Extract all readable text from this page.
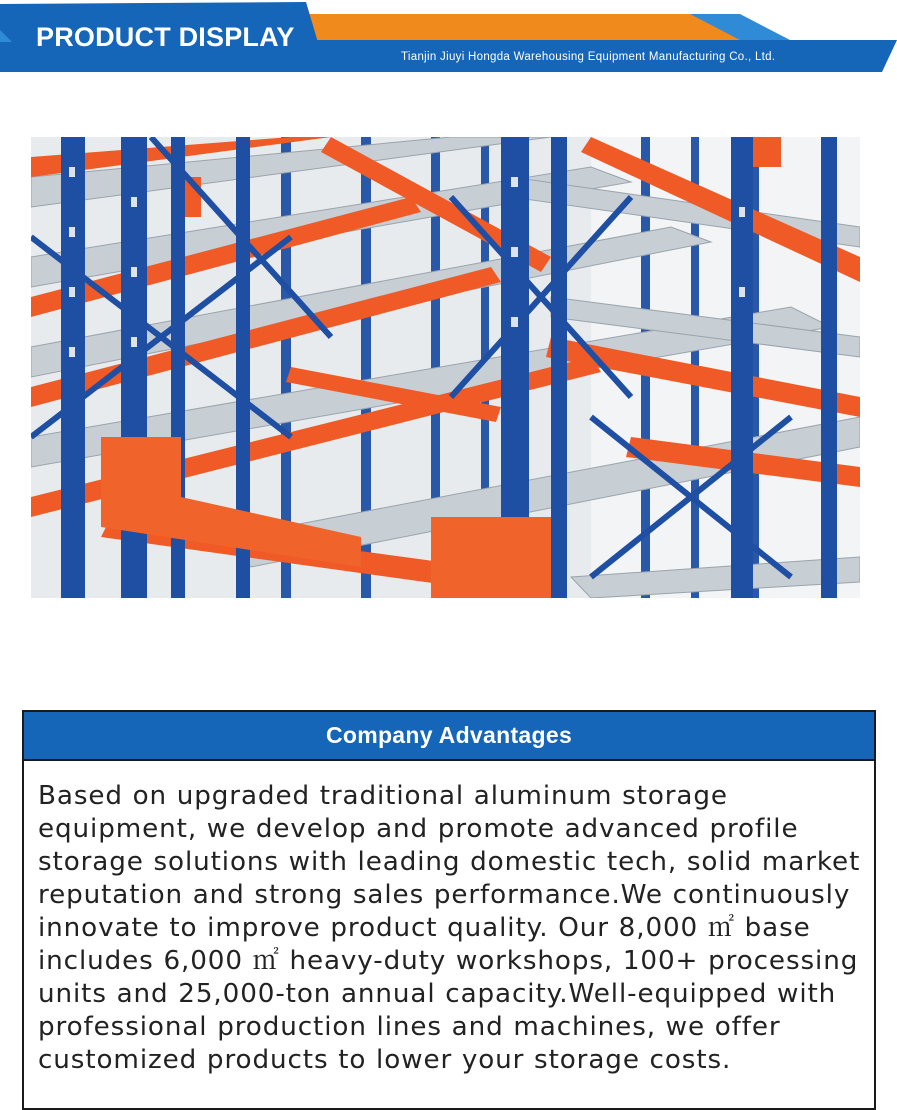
PRODUCT DISPLAY
Tianjin Jiuyi Hongda Warehousing Equipment Manufacturing Co., Ltd.
Company Advantages
Based on upgraded traditional aluminum storage equipment, we develop and promote advanced profile storage solutions with leading domestic tech, solid market reputation and strong sales performance.We continuously innovate to improve product quality. Our 8,000 ㎡ base includes 6,000 ㎡ heavy-duty workshops, 100+ processing units and 25,000-ton annual capacity.Well-equipped with professional production lines and machines, we offer customized products to lower your storage costs.
